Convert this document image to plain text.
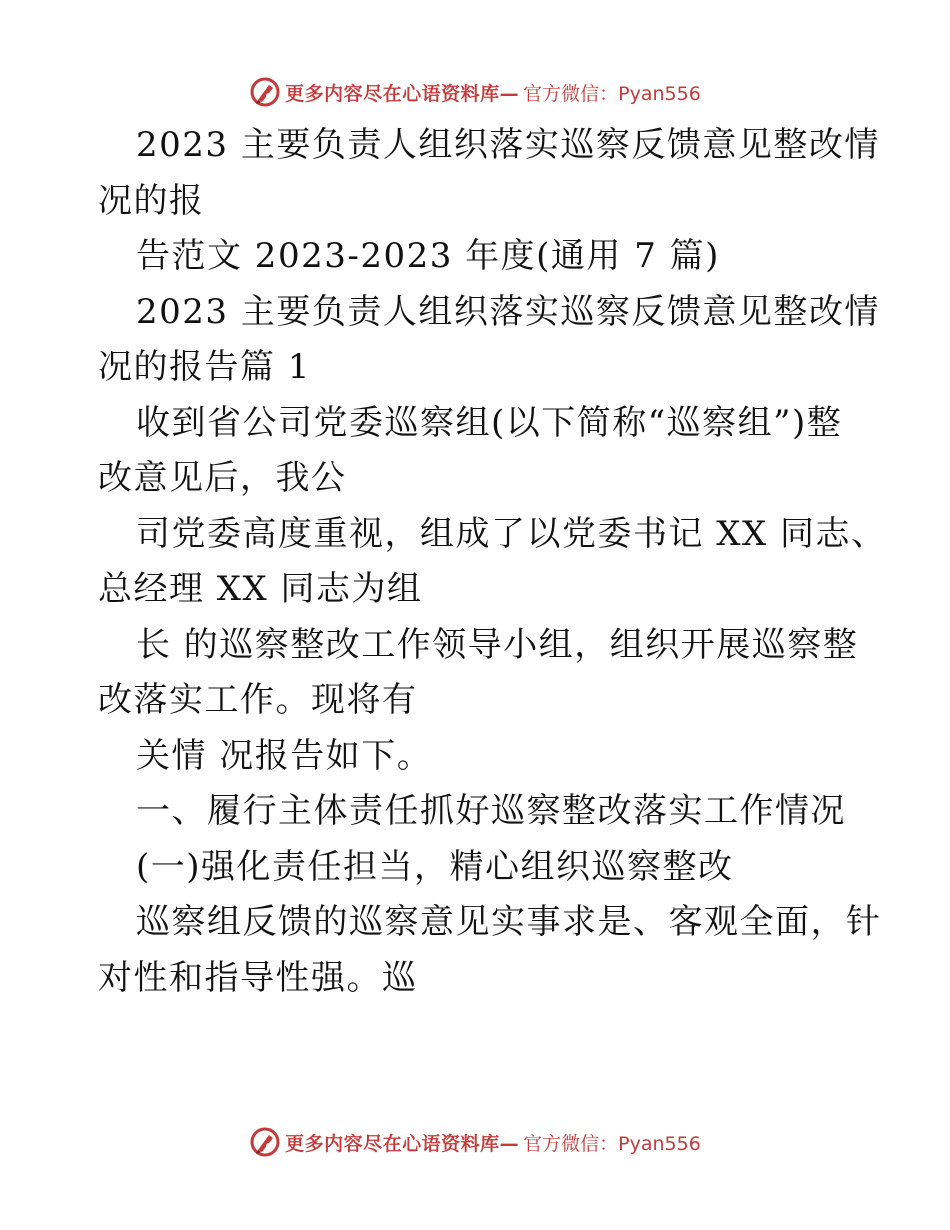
更多内容尽在心语资料库— 官方微信：Pyan556
2023 主要负责人组织落实巡察反馈意见整改情
况的报
告范文 2023-2023 年度(通用 7 篇)
2023 主要负责人组织落实巡察反馈意见整改情
况的报告篇 1
收到省公司党委巡察组(以下简称“巡察组”)整
改意见后，我公
司党委高度重视，组成了以党委书记 XX 同志、
总经理 XX 同志为组
长 的巡察整改工作领导小组，组织开展巡察整
改落实工作。现将有
关情 况报告如下。
一、履行主体责任抓好巡察整改落实工作情况
(一)强化责任担当，精心组织巡察整改
巡察组反馈的巡察意见实事求是、客观全面，针
对性和指导性强。巡
更多内容尽在心语资料库— 官方微信：Pyan556
